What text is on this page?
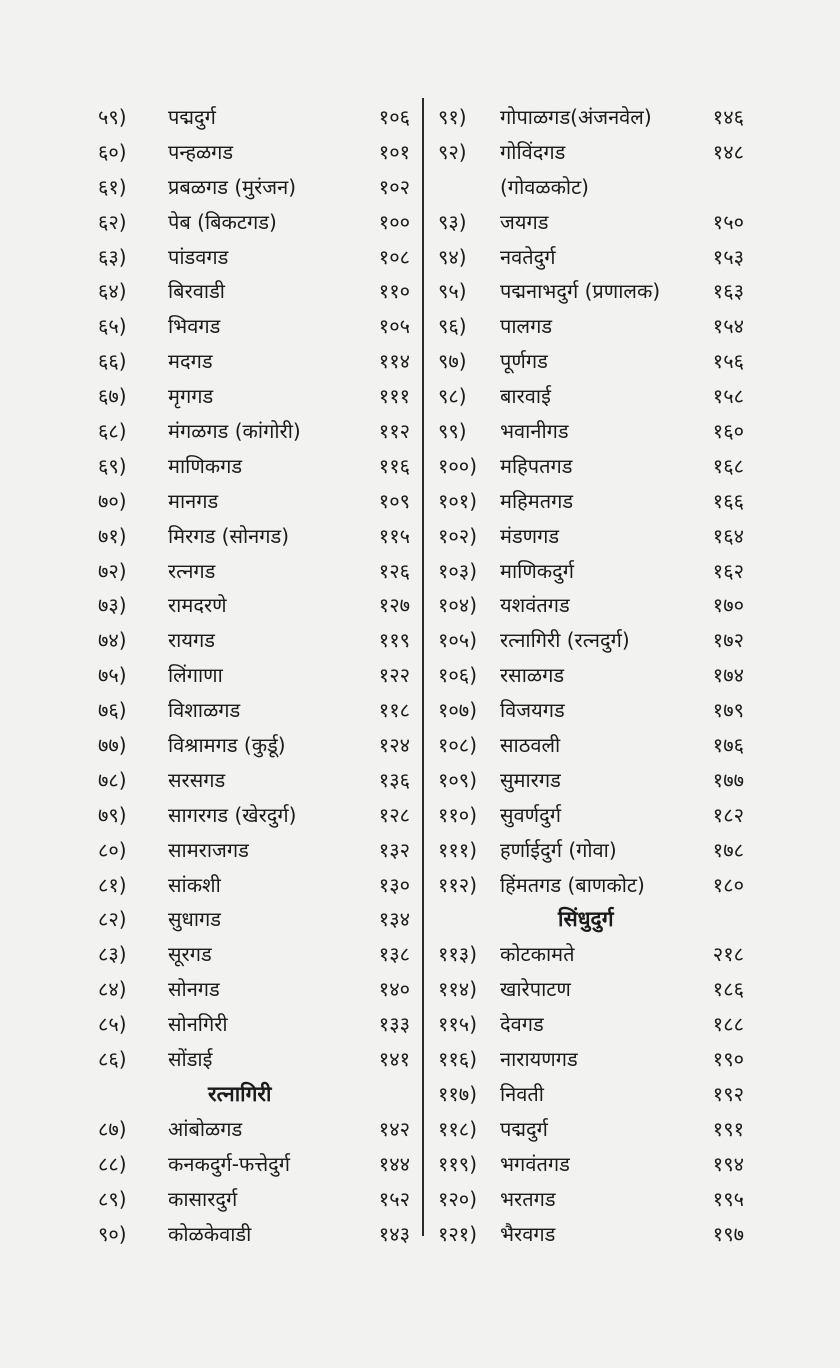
५९) पद्मदुर्ग	१०६
६०) पन्हळगड	१०१
६१) प्रबळगड (मुरंजन)	१०२
६२) पेब (बिकटगड)	१००
६३) पांडवगड	१०८
६४) बिरवाडी	११०
६५) भिवगड	१०५
६६) मदगड	११४
६७) मृगगड	१११
६८) मंगळगड (कांगोरी)	११२
६९) माणिकगड	११६
७०) मानगड	१०९
७१) मिरगड (सोनगड)	११५
७२) रत्नगड	१२६
७३) रामदरणे	१२७
७४) रायगड	११९
७५) लिंगाणा	१२२
७६) विशाळगड	११८
७७) विश्रामगड (कुर्डू)	१२४
७८) सरसगड	१३६
७९) सागरगड (खेरदुर्ग)	१२८
८०) सामराजगड	१३२
८१) सांकशी	१३०
८२) सुधागड	१३४
८३) सूरगड	१३८
८४) सोनगड	१४०
८५) सोनगिरी	१३३
८६) सोंडाई	१४१
रत्नागिरी
८७) आंबोळगड	१४२
८८) कनकदुर्ग-फत्तेदुर्ग	१४४
८९) कासारदुर्ग	१५२
९०) कोळकेवाडी	१४३
९१) गोपाळगड(अंजनवेल)	१४६
९२) गोविंदगड	१४८
(गोवळकोट)
९३) जयगड	१५०
९४) नवतेदुर्ग	१५३
९५) पद्मनाभदुर्ग (प्रणालक)	१६३
९६) पालगड	१५४
९७) पूर्णगड	१५६
९८) बारवाई	१५८
९९) भवानीगड	१६०
१००) महिपतगड	१६८
१०१) महिमतगड	१६६
१०२) मंडणगड	१६४
१०३) माणिकदुर्ग	१६२
१०४) यशवंतगड	१७०
१०५) रत्नागिरी (रत्नदुर्ग)	१७२
१०६) रसाळगड	१७४
१०७) विजयगड	१७९
१०८) साठवली	१७६
१०९) सुमारगड	१७७
११०) सुवर्णदुर्ग	१८२
१११) हर्णाईदुर्ग (गोवा)	१७८
११२) हिंमतगड (बाणकोट)	१८०
सिंधुदुर्ग
११३) कोटकामते	२१८
११४) खारेपाटण	१८६
११५) देवगड	१८८
११६) नारायणगड	१९०
११७) निवती	१९२
११८) पद्मदुर्ग	१९१
११९) भगवंतगड	१९४
१२०) भरतगड	१९५
१२१) भैरवगड	१९७
